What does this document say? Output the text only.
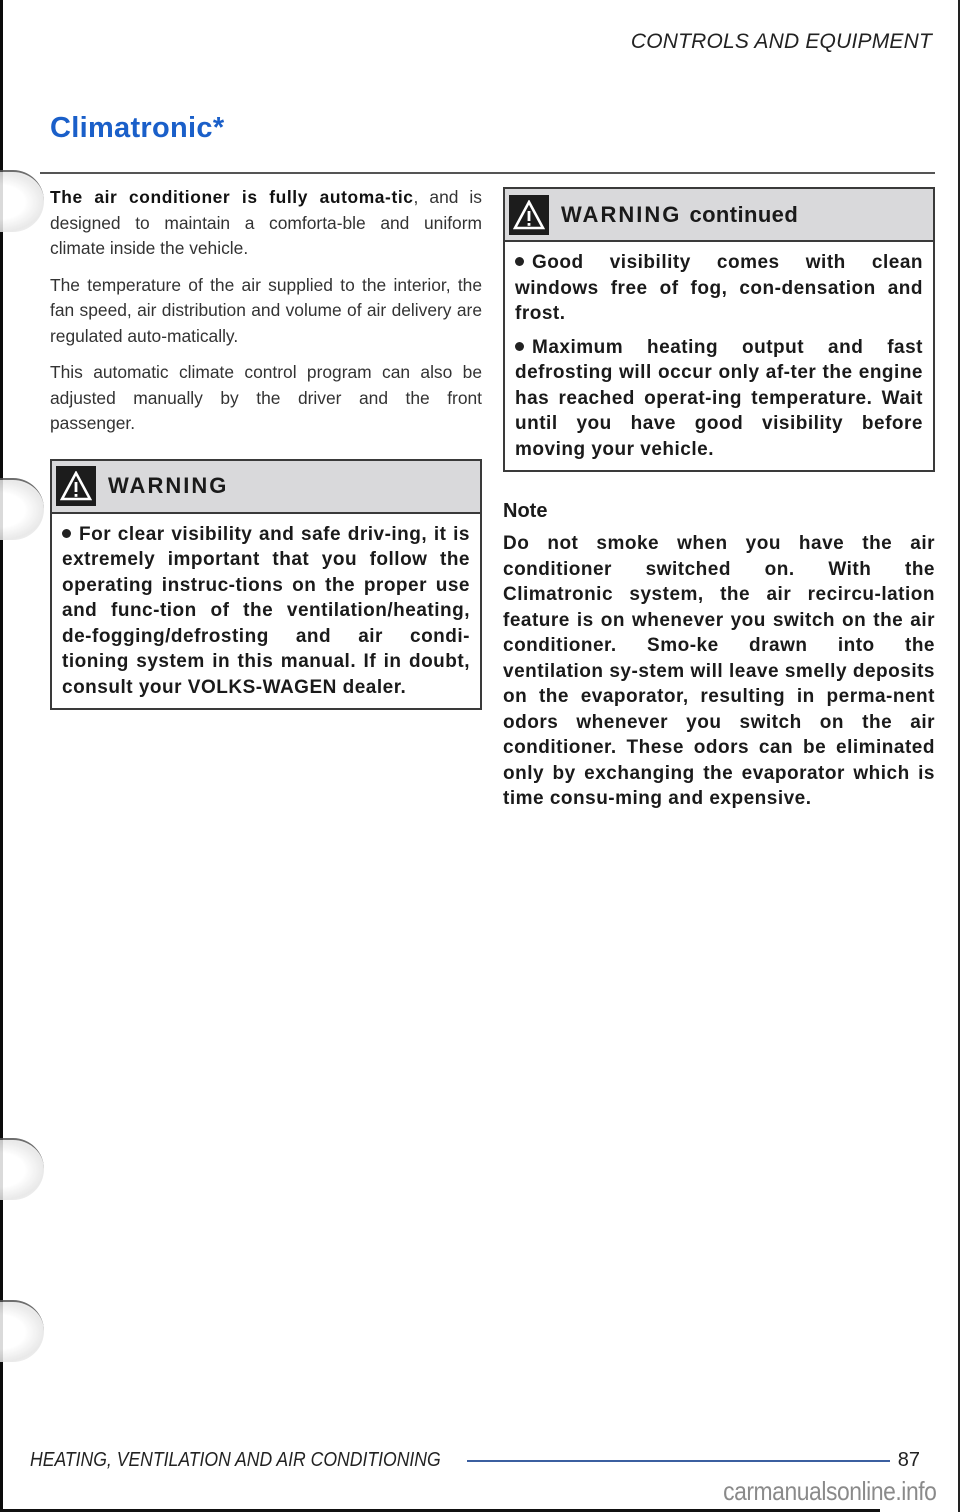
CONTROLS AND EQUIPMENT
Climatronic*

The air conditioner is fully automa-tic, and is designed to maintain a comforta-ble and uniform climate inside the vehicle.

The temperature of the air supplied to the interior, the fan speed, air distribution and volume of air delivery are regulated auto-matically.

This automatic climate control program can also be adjusted manually by the driver and the front passenger.

WARNING

For clear visibility and safe driv-ing, it is extremely important that you follow the operating instruc-tions on the proper use and func-tion of the ventilation/heating, de-fogging/defrosting and air condi-tioning system in this manual. If in doubt, consult your VOLKS-WAGEN dealer.

WARNING continued

Good visibility comes with clean windows free of fog, con-densation and frost.

Maximum heating output and fast defrosting will occur only af-ter the engine has reached operat-ing temperature. Wait until you have good visibility before moving your vehicle.

Note

Do not smoke when you have the air conditioner switched on. With the Climatronic system, the air recircu-lation feature is on whenever you switch on the air conditioner. Smo-ke drawn into the ventilation sy-stem will leave smelly deposits on the evaporator, resulting in perma-nent odors whenever you switch on the air conditioner. These odors can be eliminated only by exchanging the evaporator which is time consu-ming and expensive.

HEATING, VENTILATION AND AIR CONDITIONING	87
carmanualsonline.info
